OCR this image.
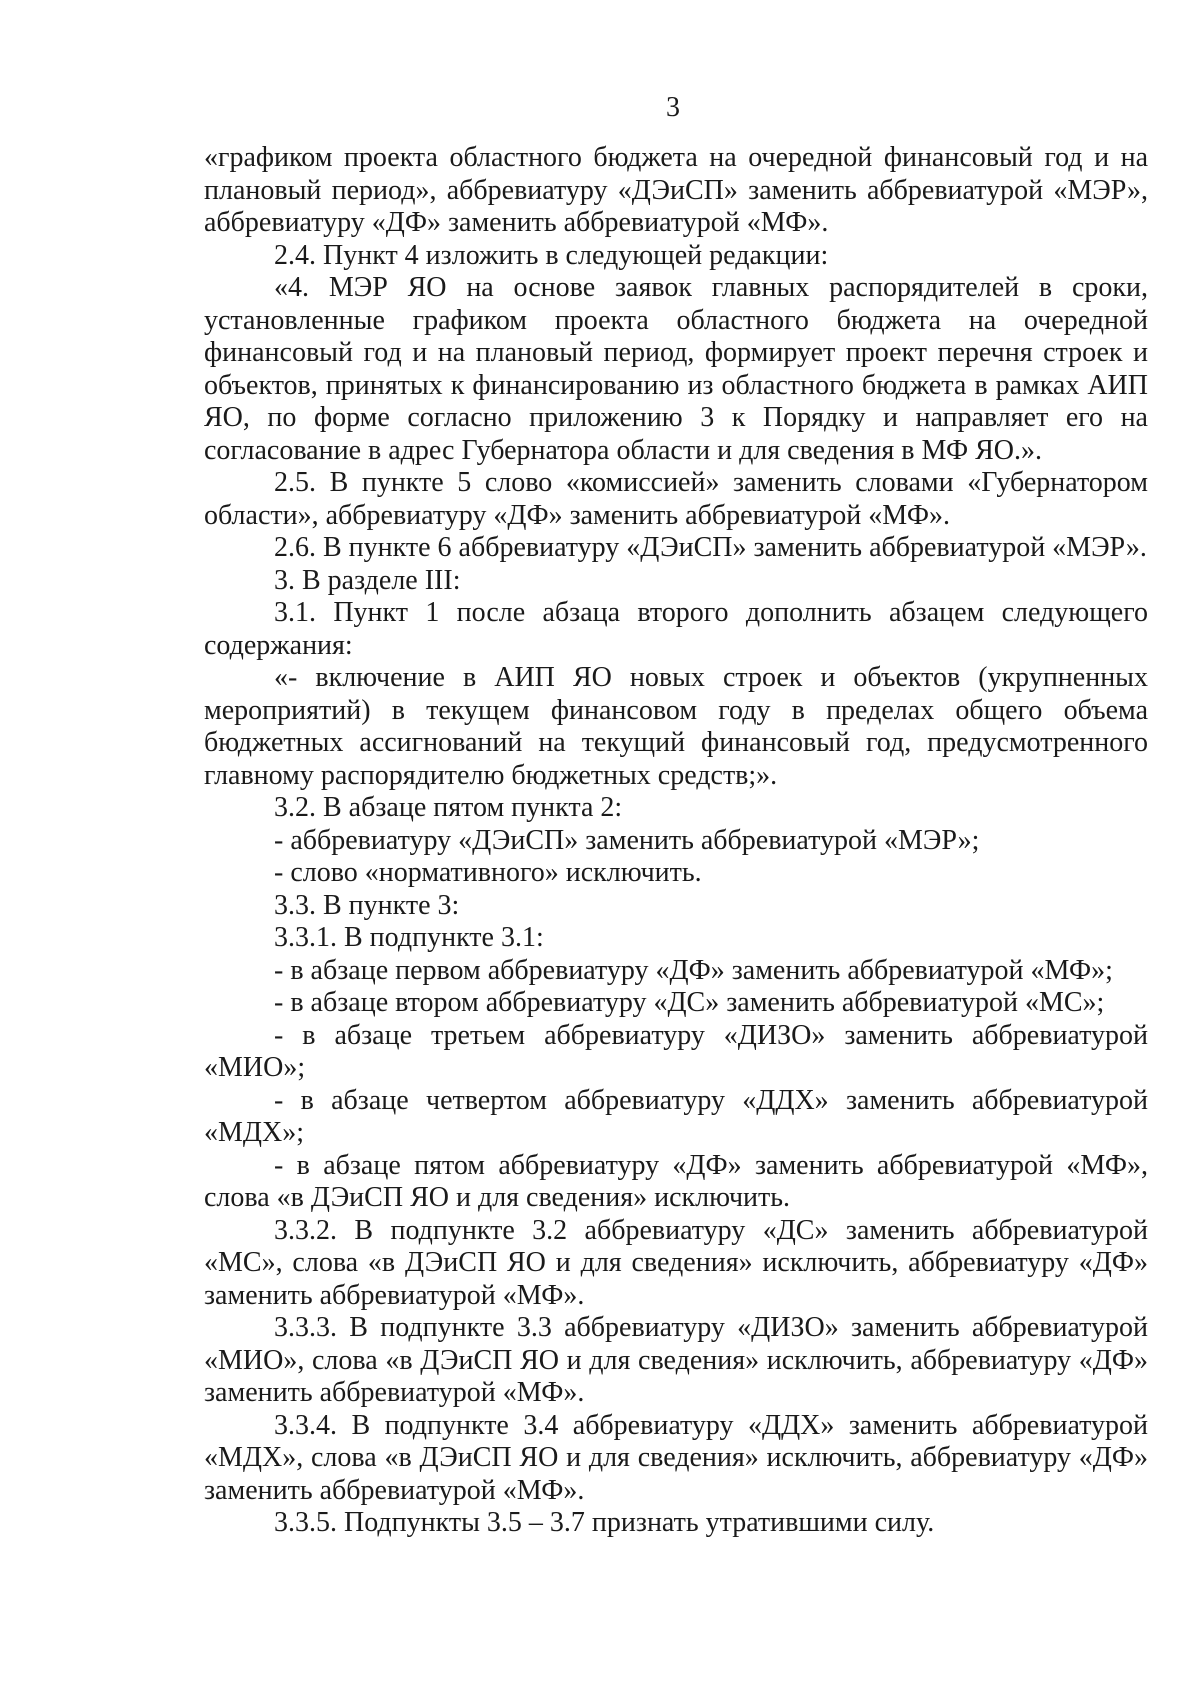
3

«графиком проекта областного бюджета на очередной финансовый год и на плановый период», аббревиатуру «ДЭиСП» заменить аббревиатурой «МЭР», аббревиатуру «ДФ» заменить аббревиатурой «МФ».

2.4. Пункт 4 изложить в следующей редакции:

«4. МЭР ЯО на основе заявок главных распорядителей в сроки, установленные графиком проекта областного бюджета на очередной финансовый год и на плановый период, формирует проект перечня строек и объектов, принятых к финансированию из областного бюджета в рамках АИП ЯО, по форме согласно приложению 3 к Порядку и направляет его на согласование в адрес Губернатора области и для сведения в МФ ЯО.».

2.5. В пункте 5 слово «комиссией» заменить словами «Губернатором области», аббревиатуру «ДФ» заменить аббревиатурой «МФ».

2.6. В пункте 6 аббревиатуру «ДЭиСП» заменить аббревиатурой «МЭР».

3. В разделе III:

3.1. Пункт 1 после абзаца второго дополнить абзацем следующего содержания:

«- включение в АИП ЯО новых строек и объектов (укрупненных мероприятий) в текущем финансовом году в пределах общего объема бюджетных ассигнований на текущий финансовый год, предусмотренного главному распорядителю бюджетных средств;».

3.2. В абзаце пятом пункта 2:

- аббревиатуру «ДЭиСП» заменить аббревиатурой «МЭР»;

- слово «нормативного» исключить.

3.3. В пункте 3:

3.3.1. В подпункте 3.1:

- в абзаце первом аббревиатуру «ДФ» заменить аббревиатурой «МФ»;

- в абзаце втором аббревиатуру «ДС» заменить аббревиатурой «МС»;

- в абзаце третьем аббревиатуру «ДИЗО» заменить аббревиатурой «МИО»;

- в абзаце четвертом аббревиатуру «ДДХ» заменить аббревиатурой «МДХ»;

- в абзаце пятом аббревиатуру «ДФ» заменить аббревиатурой «МФ», слова «в ДЭиСП ЯО и для сведения» исключить.

3.3.2. В подпункте 3.2 аббревиатуру «ДС» заменить аббревиатурой «МС», слова «в ДЭиСП ЯО и для сведения» исключить, аббревиатуру «ДФ» заменить аббревиатурой «МФ».

3.3.3. В подпункте 3.3 аббревиатуру «ДИЗО» заменить аббревиатурой «МИО», слова «в ДЭиСП ЯО и для сведения» исключить, аббревиатуру «ДФ» заменить аббревиатурой «МФ».

3.3.4. В подпункте 3.4 аббревиатуру «ДДХ» заменить аббревиатурой «МДХ», слова «в ДЭиСП ЯО и для сведения» исключить, аббревиатуру «ДФ» заменить аббревиатурой «МФ».

3.3.5. Подпункты 3.5 – 3.7 признать утратившими силу.
